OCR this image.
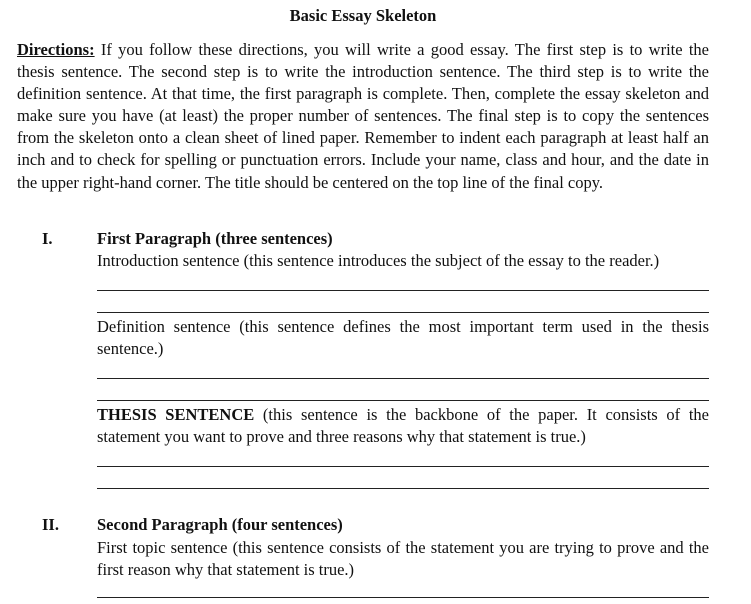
Basic Essay Skeleton

Directions: If you follow these directions, you will write a good essay. The first step is to write the thesis sentence. The second step is to write the introduction sentence. The third step is to write the definition sentence. At that time, the first paragraph is complete. Then, complete the essay skeleton and make sure you have (at least) the proper number of sentences. The final step is to copy the sentences from the skeleton onto a clean sheet of lined paper. Remember to indent each paragraph at least half an inch and to check for spelling or punctuation errors. Include your name, class and hour, and the date in the upper right-hand corner. The title should be centered on the top line of the final copy.

I.	First Paragraph (three sentences)

Introduction sentence (this sentence introduces the subject of the essay to the reader.)

Definition sentence (this sentence defines the most important term used in the thesis sentence.)

THESIS SENTENCE (this sentence is the backbone of the paper. It consists of the statement you want to prove and three reasons why that statement is true.)

II. Second Paragraph (four sentences)

First topic sentence (this sentence consists of the statement you are trying to prove and the first reason why that statement is true.)
